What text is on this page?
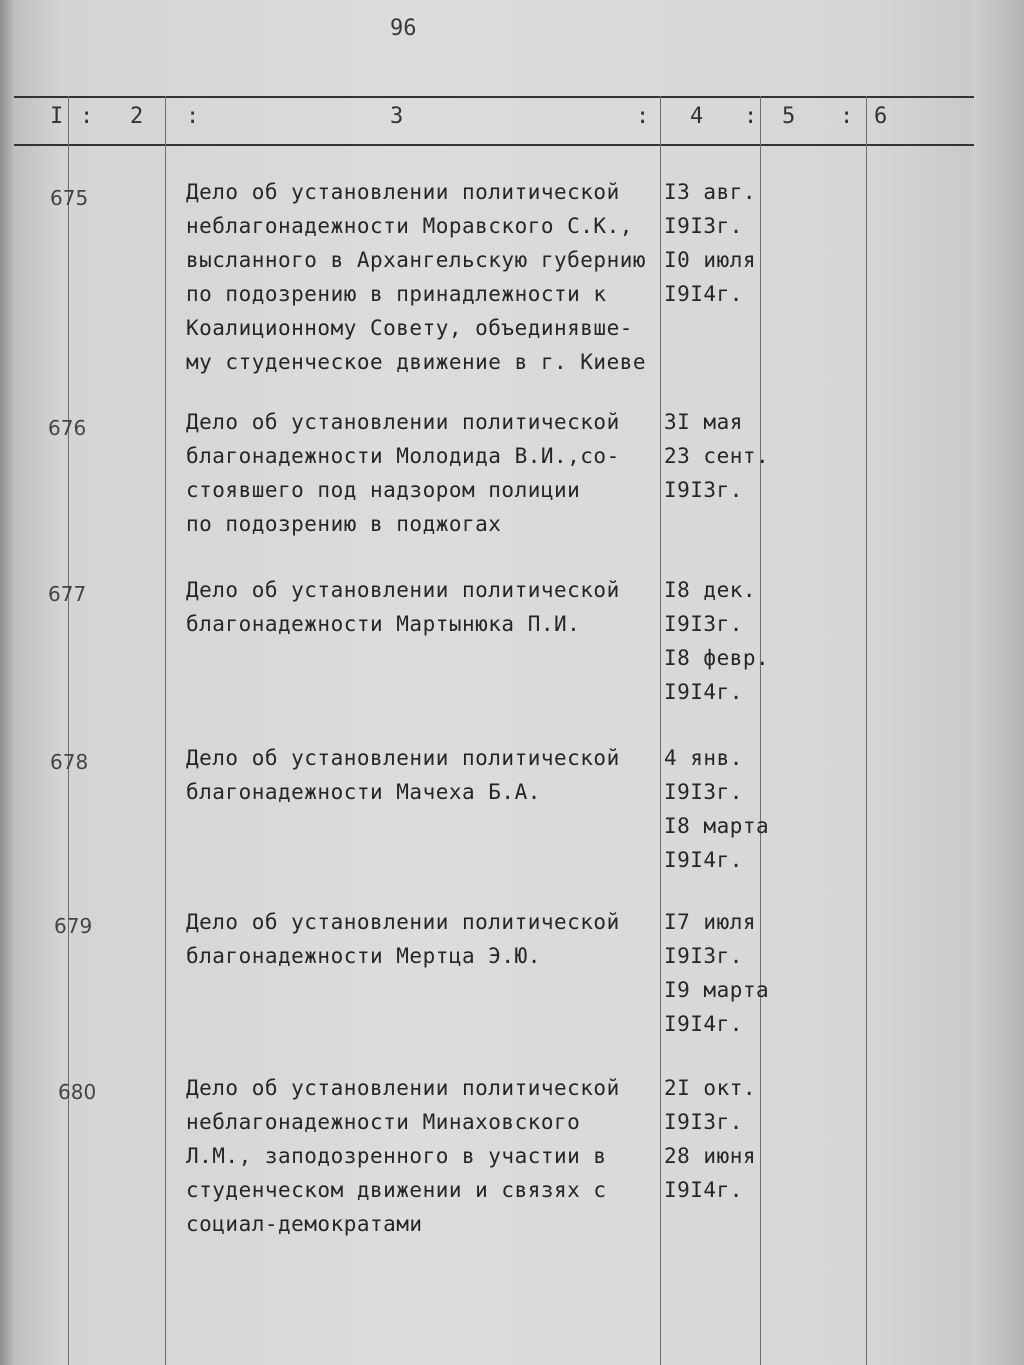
96
I : 2 :	3	: 4 : 5 : 6
675	Дело об установлении политической
неблагонадежности Моравского С.К.,
высланного в Архангельскую губернию
по подозрению в принадлежности к
Коалиционному Совету, объединявше-
му студенческое движение в г. Киеве
I3 авг.
I9I3г.
I0 июля
I9I4г.
676	Дело об установлении политической
благонадежности Молодида В.И.,со-
стоявшего под надзором полиции
по подозрению в поджогах
3I мая
23 сент.
I9I3г.
677	Дело об установлении политической
благонадежности Мартынюка П.И.
I8 дек.
I9I3г.
I8 февр.
I9I4г.
678	Дело об установлении политической
благонадежности Мачеха Б.А.
4 янв.
I9I3г.
I8 марта
I9I4г.
679	Дело об установлении политической
благонадежности Мертца Э.Ю.
I7 июля
I9I3г.
I9 марта
I9I4г.
680	Дело об установлении политической
неблагонадежности Минаховского
Л.М., заподозренного в участии в
студенческом движении и связях с
социал-демократами
2I окт.
I9I3г.
28 июня
I9I4г.
